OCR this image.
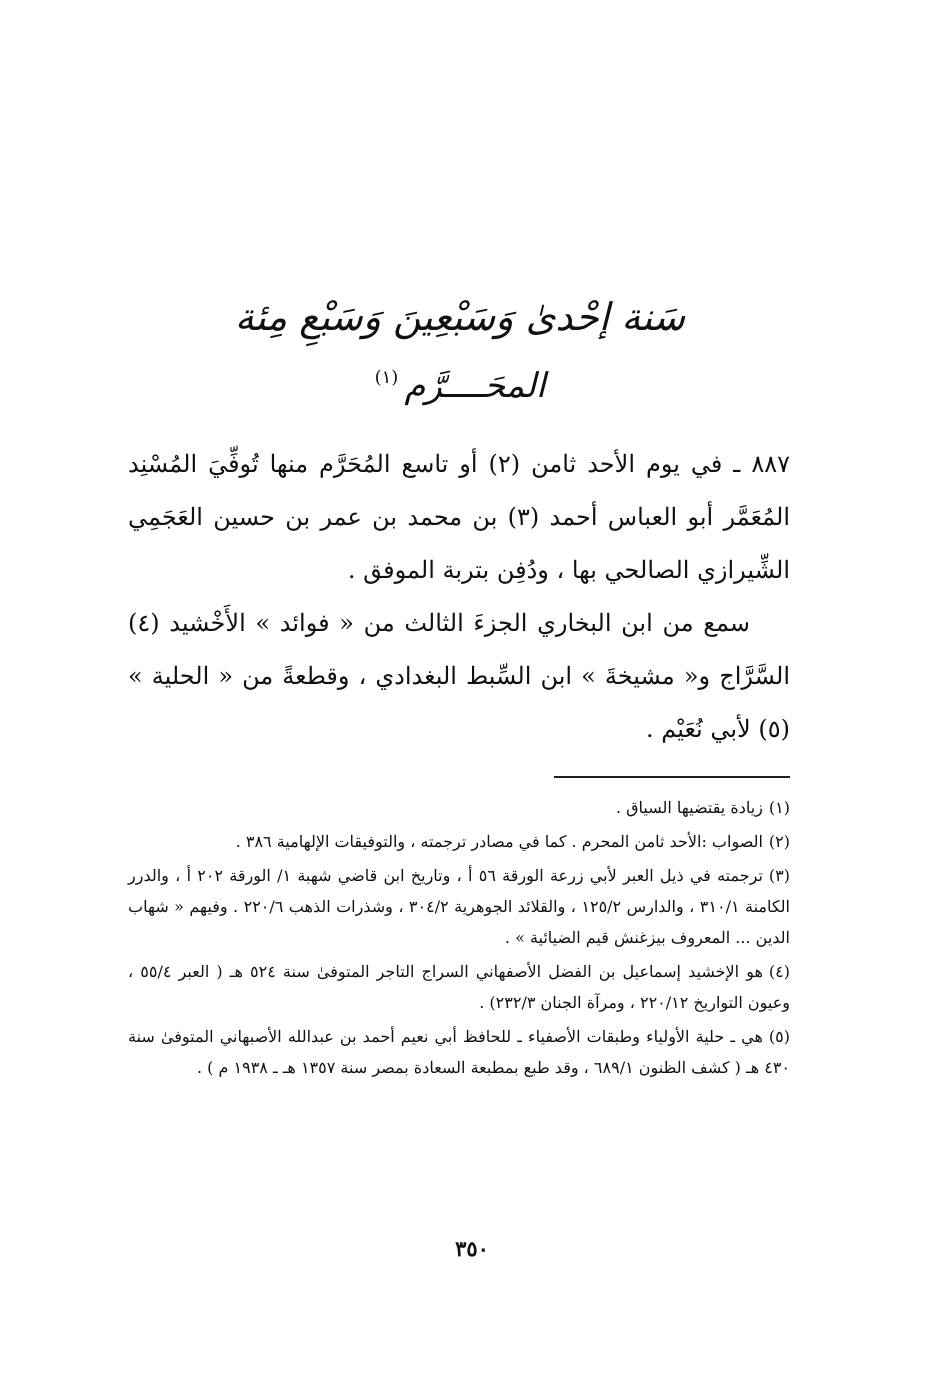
سَنة إحْدىٰ وَسَبْعِينَ وَسَبْعِ مِئة
المحَــــرَّم$^{(١)}$
٨٨٧ ـ في يوم الأحد ثامن (٢) أو تاسع المُحَرَّم منها تُوفِّيَ المُسْنِد المُعَمَّر أبو العباس أحمد (٣) بن محمد بن عمر بن حسين العَجَمِي الشِّيرازي الصالحي بها ، ودُفِن بتربة الموفق .
سمع من ابن البخاري الجزءَ الثالث من « فوائد » الأَخْشيد (٤) السَّرَّاج و« مشيخةَ » ابن السِّبط البغدادي ، وقطعةً من « الحلية » (٥) لأبي نُعَيْم .

(١)زيادة يقتضيها السياق .

(٢)الصواب :الأحد ثامن المحرم . كما في مصادر ترجمته ، والتوفيقات الإلهامية ٣٨٦ .

(٣)ترجمته في ذيل العبر لأبي زرعة الورقة ٥٦ أ ، وتاريخ ابن قاضي شهبة ١/ الورقة ٢٠٢ أ ، والدرر الكامنة ٣١٠/١ ، والدارس ١٢٥/٢ ، والقلائد الجوهرية ٣٠٤/٢ ، وشذرات الذهب ٢٢٠/٦ . وفيهم « شهاب الدين ... المعروف بيزغنش قيم الضيائية » .

(٤)هو الإخشيد إسماعيل بن الفضل الأصفهاني السراج التاجر المتوفىٰ سنة ٥٢٤ هـ ( العبر ٥٥/٤ ، وعيون التواريخ ٢٢٠/١٢ ، ومرآة الجنان ٢٣٢/٣) .

(٥)هي ـ حلية الأولياء وطبقات الأصفياء ـ للحافظ أبي نعيم أحمد بن عبدالله الأصبهاني المتوفىٰ سنة ٤٣٠ هـ ( كشف الظنون ٦٨٩/١ ، وقد طبع بمطبعة السعادة بمصر سنة ١٣٥٧ هـ ـ ١٩٣٨ م ) .

٣٥٠
